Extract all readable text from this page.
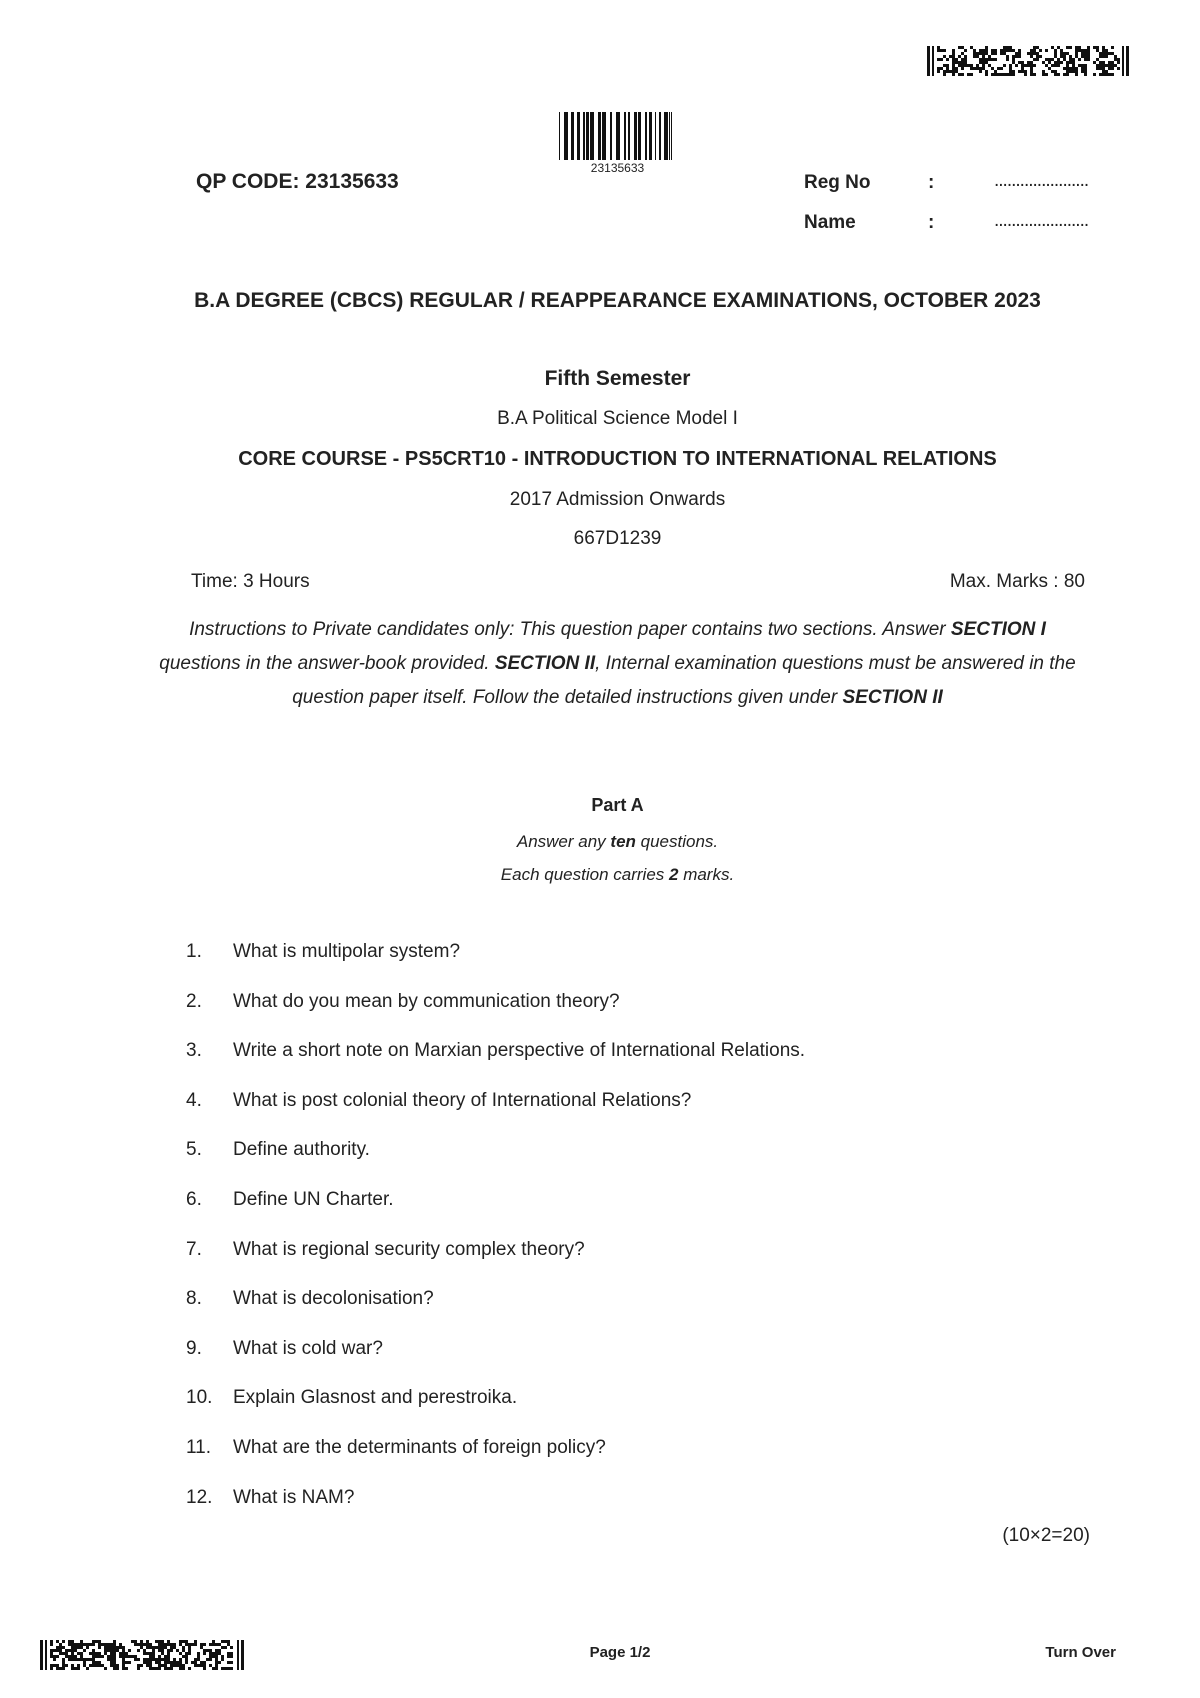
23135633
QP CODE: 23135633	Reg No	:	......................
Name	:	......................
B.A DEGREE (CBCS) REGULAR / REAPPEARANCE EXAMINATIONS, OCTOBER 2023
Fifth Semester
B.A Political Science Model I
CORE COURSE - PS5CRT10 - INTRODUCTION TO INTERNATIONAL RELATIONS
2017 Admission Onwards
667D1239
Time: 3 Hours	Max. Marks : 80
Instructions to Private candidates only: This question paper contains two sections. Answer SECTION I questions in the answer-book provided. SECTION II, Internal examination questions must be answered in the question paper itself. Follow the detailed instructions given under SECTION II
Part A
Answer any ten questions.
Each question carries 2 marks.
1. What is multipolar system?
2. What do you mean by communication theory?
3. Write a short note on Marxian perspective of International Relations.
4. What is post colonial theory of International Relations?
5. Define authority.
6. Define UN Charter.
7. What is regional security complex theory?
8. What is decolonisation?
9. What is cold war?
10. Explain Glasnost and perestroika.
11. What are the determinants of foreign policy?
12. What is NAM?
(10×2=20)
Page 1/2	Turn Over
